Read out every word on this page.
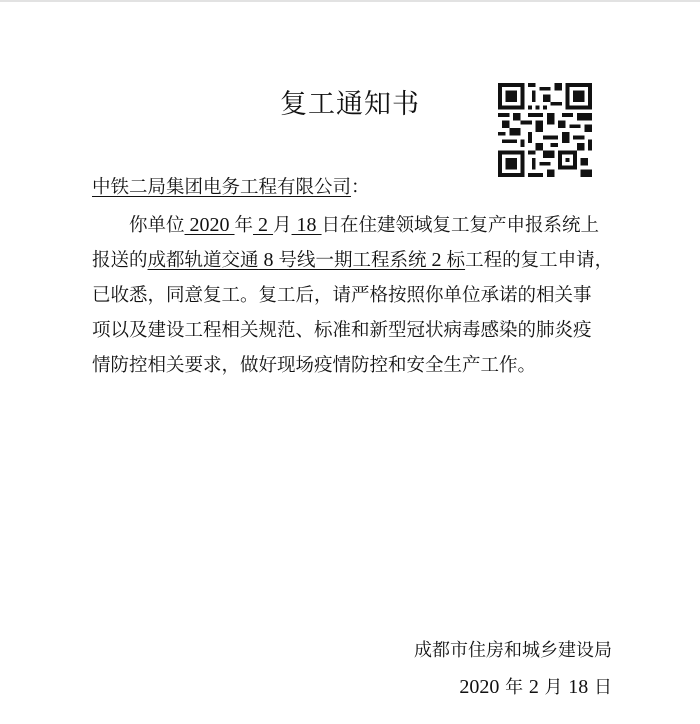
复工通知书
中铁二局集团电务工程有限公司：
你单位 2020 年 2 月 18 日在住建领域复工复产申报系统上
报送的成都轨道交通 8 号线一期工程系统 2 标工程的复工申请，
已收悉，同意复工。复工后，请严格按照你单位承诺的相关事
项以及建设工程相关规范、标准和新型冠状病毒感染的肺炎疫
情防控相关要求，做好现场疫情防控和安全生产工作。
成都市住房和城乡建设局
2020 年 2 月 18 日
